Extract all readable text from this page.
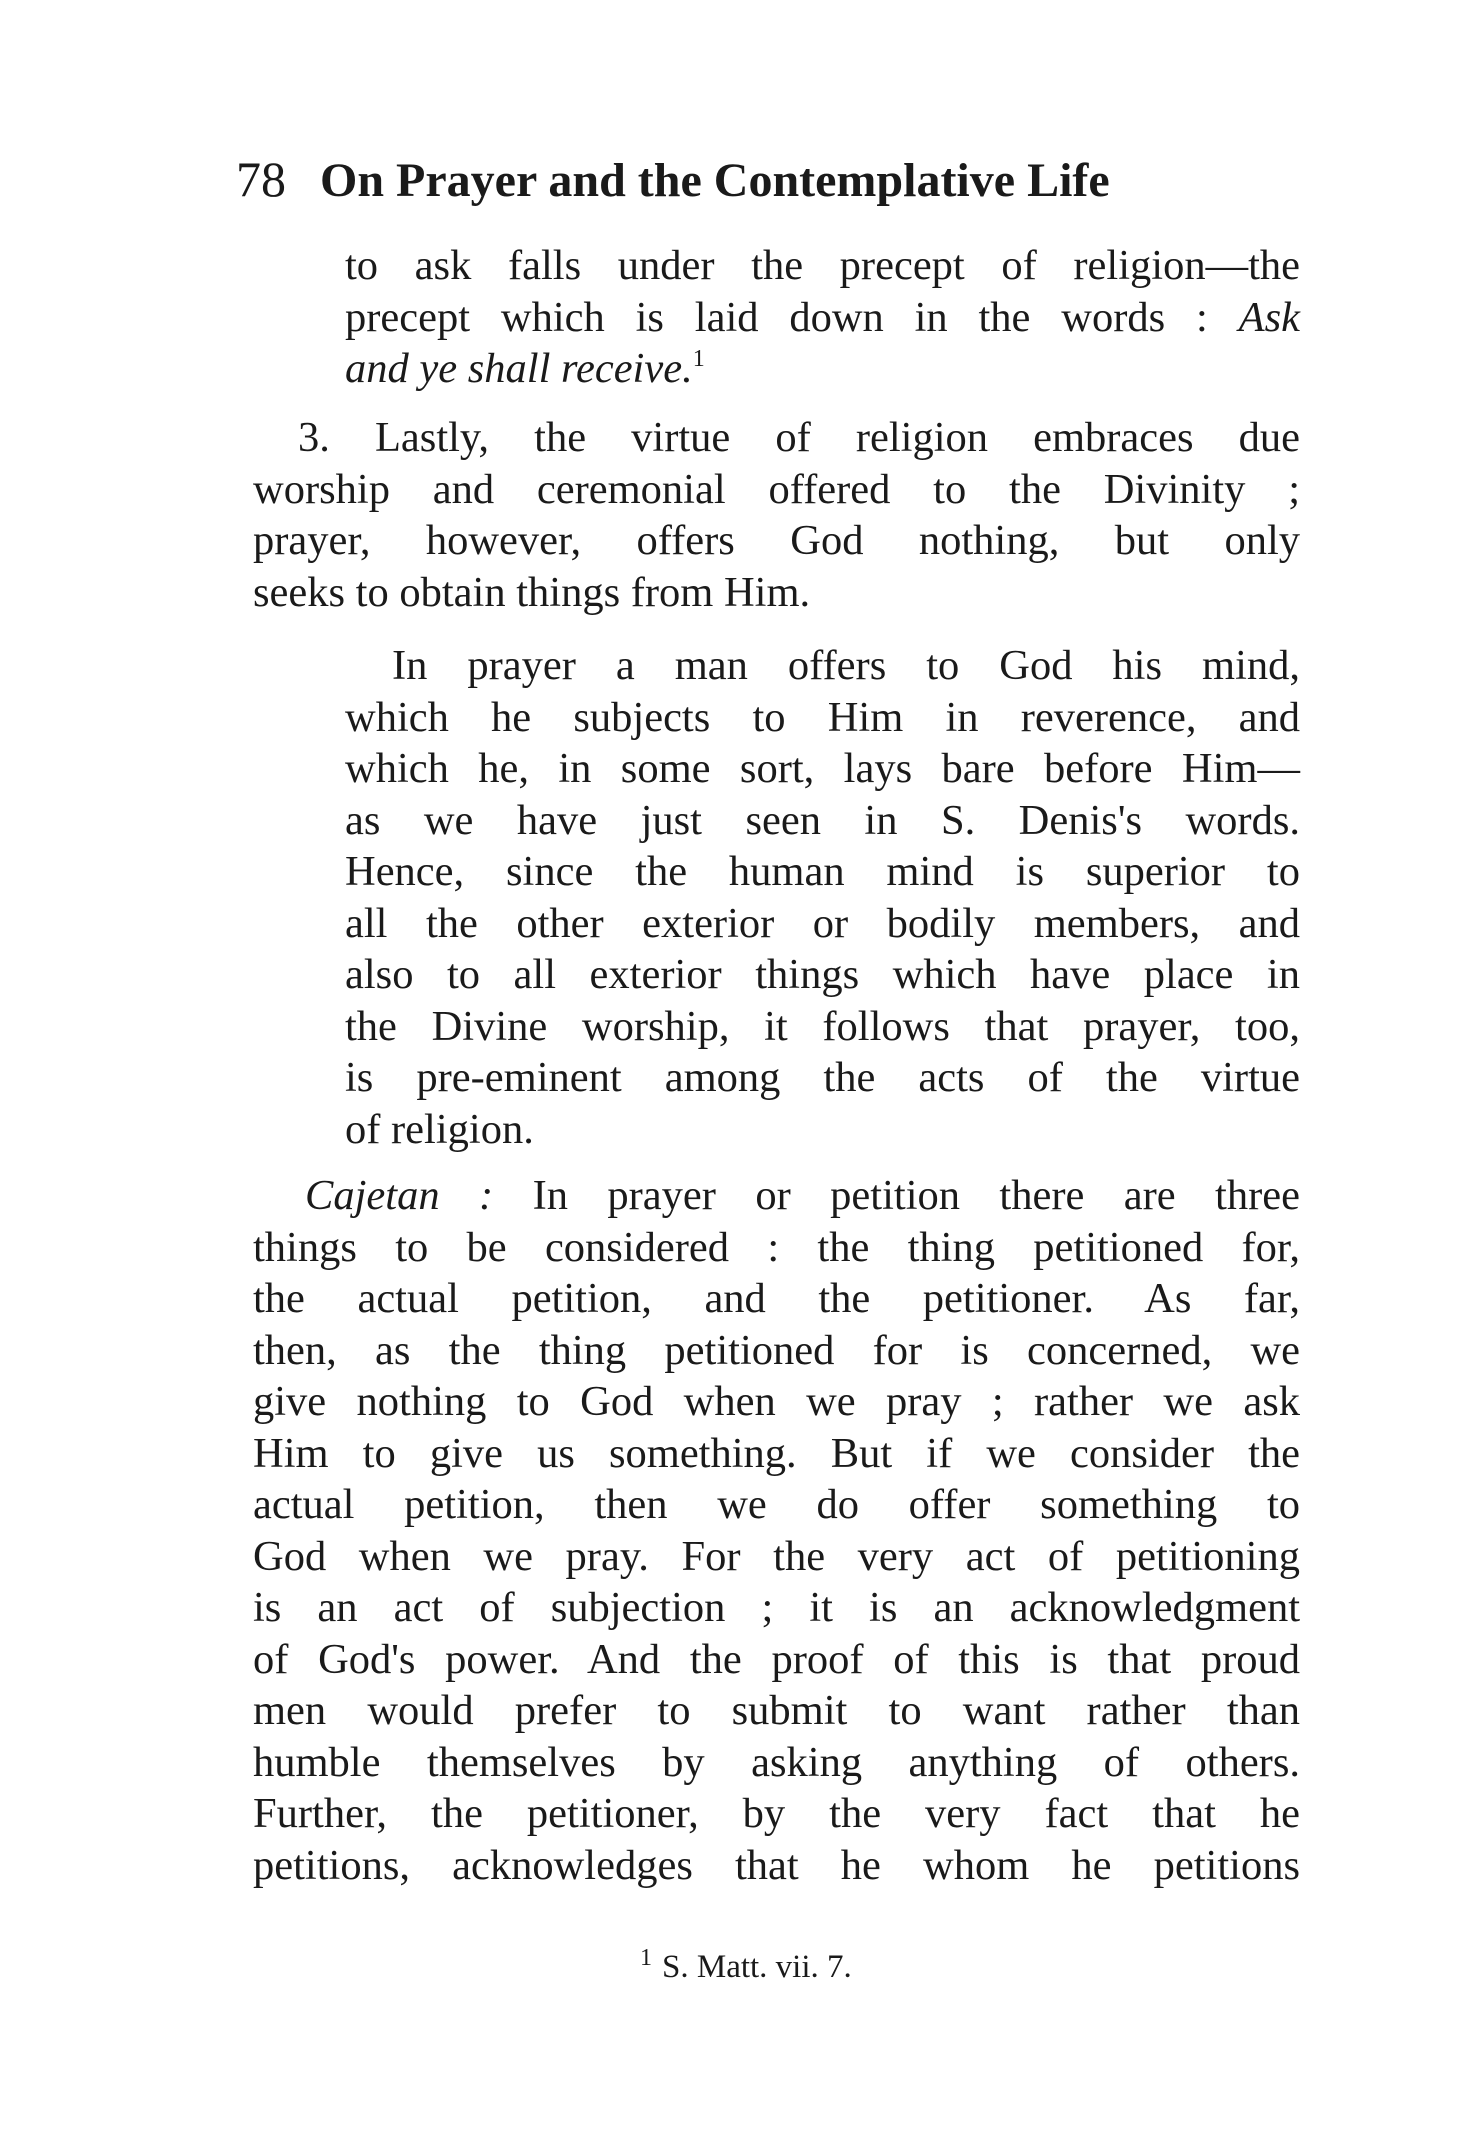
78 On Prayer and the Contemplative Life
to ask falls under the precept of religion—the
precept which is laid down in the words : Ask
and ye shall receive.$^1$
3. Lastly, the virtue of religion embraces due
worship and ceremonial offered to the Divinity ;
prayer, however, offers God nothing, but only
seeks to obtain things from Him.
In prayer a man offers to God his mind,
which he subjects to Him in reverence, and
which he, in some sort, lays bare before Him—
as we have just seen in S. Denis's words.
Hence, since the human mind is superior to
all the other exterior or bodily members, and
also to all exterior things which have place in
the Divine worship, it follows that prayer, too,
is pre-eminent among the acts of the virtue
of religion.
Cajetan : In prayer or petition there are three
things to be considered : the thing petitioned for,
the actual petition, and the petitioner. As far,
then, as the thing petitioned for is concerned, we
give nothing to God when we pray ; rather we ask
Him to give us something. But if we consider the
actual petition, then we do offer something to
God when we pray. For the very act of petitioning
is an act of subjection ; it is an acknowledgment
of God's power. And the proof of this is that proud
men would prefer to submit to want rather than
humble themselves by asking anything of others.
Further, the petitioner, by the very fact that he
petitions, acknowledges that he whom he petitions
$^1$ S. Matt. vii. 7.
